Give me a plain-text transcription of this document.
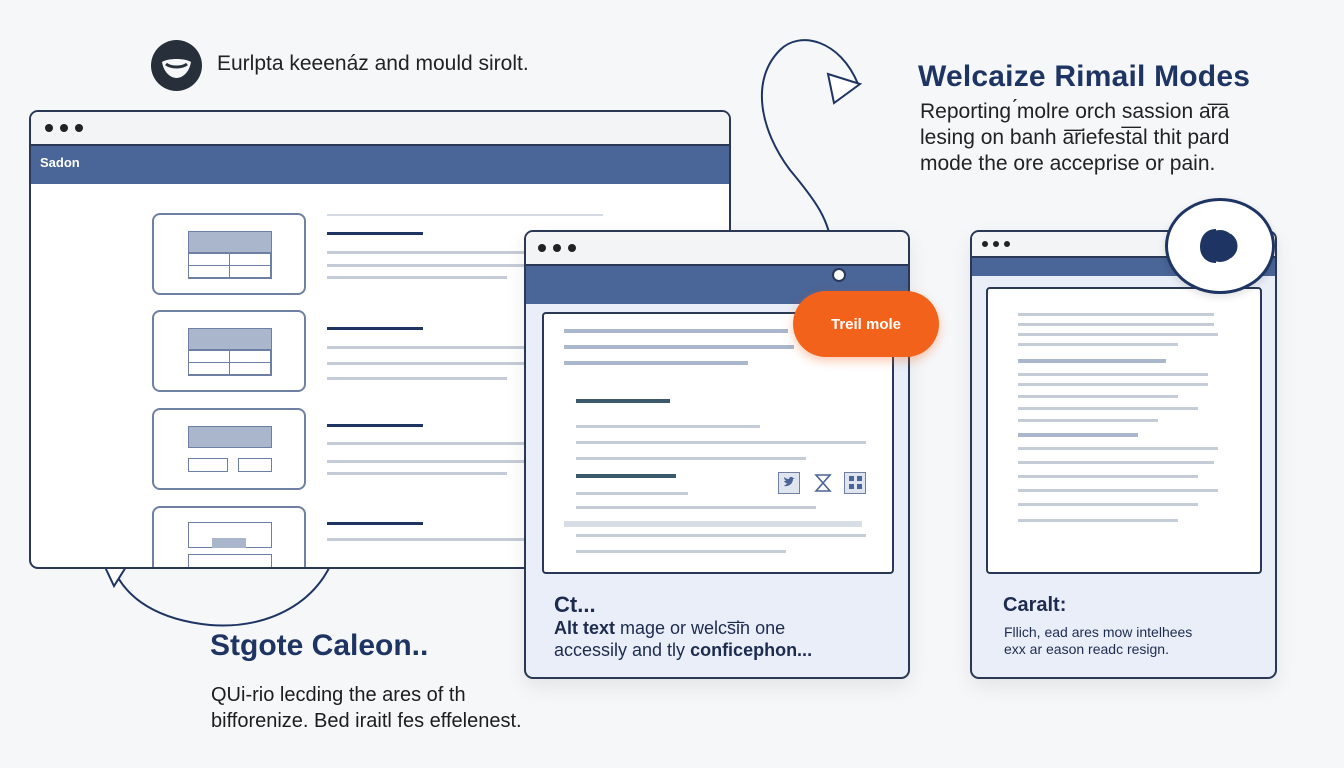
Eurlpta keeenáz and mould sirolt.	Welcaize Rimail Modes
Reporting ́molre orch sassion ar͞a
lesing on banh a͞riefest͞al thit pard
mode the ore acceprise or pain.
Sadon
Ct...
Alt text mage or welcs͞in one
accessily and tly conficephon...
Treil mole
Caralt:
Fllich, ead ares mow intelhees
exx ar eason readc resign.
Stgote Caleon..
QUi-rio lecding the ares of th
bifforenize. Bed iraitl fes effelenest.
